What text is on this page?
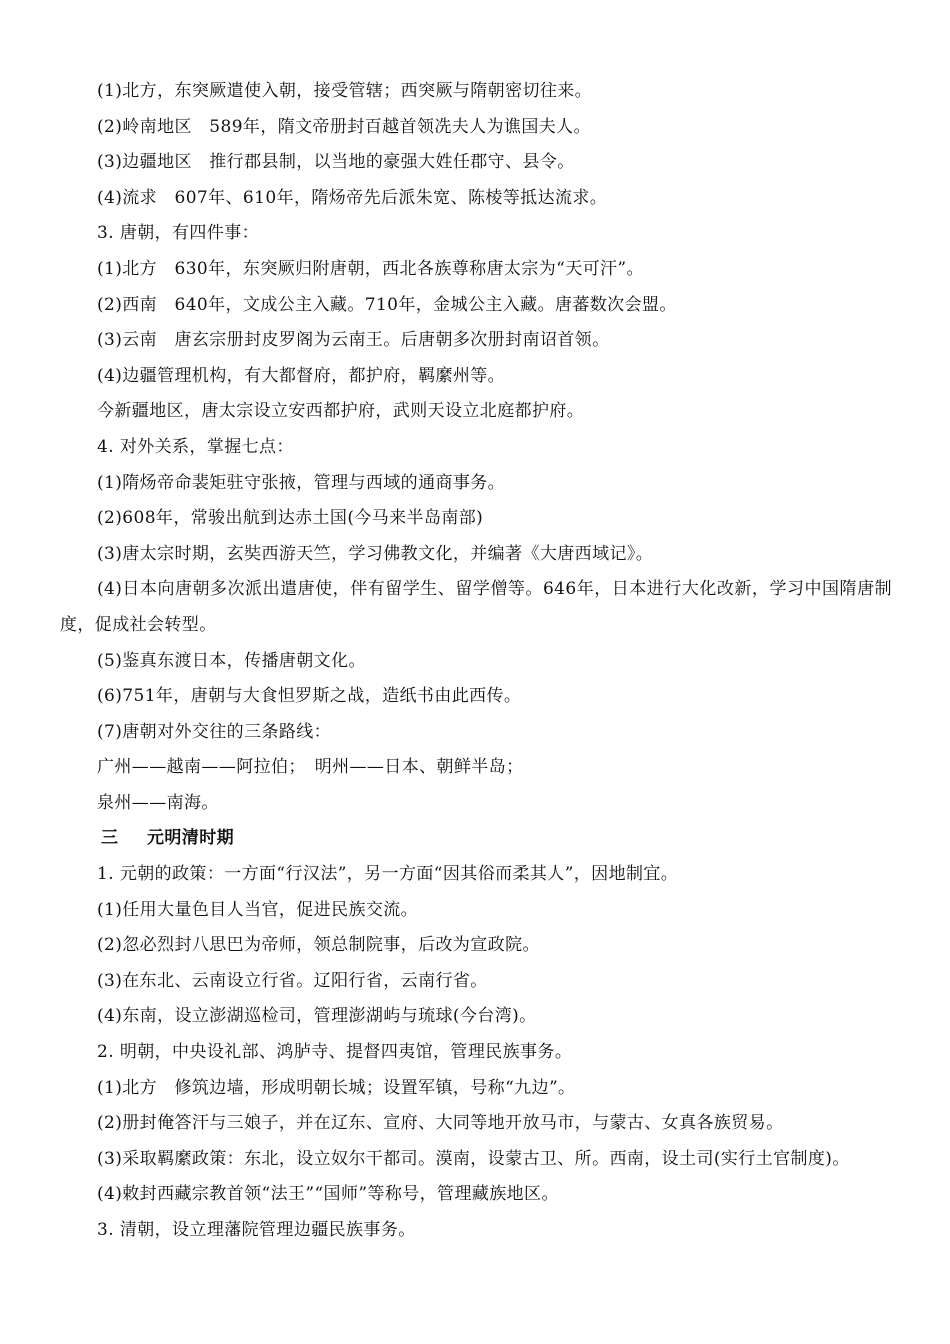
(1)北方，东突厥遣使入朝，接受管辖；西突厥与隋朝密切往来。
(2)岭南地区　589年，隋文帝册封百越首领冼夫人为谯国夫人。
(3)边疆地区　推行郡县制，以当地的豪强大姓任郡守、县令。
(4)流求　607年、610年，隋炀帝先后派朱宽、陈棱等抵达流求。
3. 唐朝，有四件事：
(1)北方　630年，东突厥归附唐朝，西北各族尊称唐太宗为“天可汗”。
(2)西南　640年，文成公主入藏。710年，金城公主入藏。唐蕃数次会盟。
(3)云南　唐玄宗册封皮罗阁为云南王。后唐朝多次册封南诏首领。
(4)边疆管理机构，有大都督府，都护府，羁縻州等。
今新疆地区，唐太宗设立安西都护府，武则天设立北庭都护府。
4. 对外关系，掌握七点：
(1)隋炀帝命裴矩驻守张掖，管理与西域的通商事务。
(2)608年，常骏出航到达赤土国(今马来半岛南部)
(3)唐太宗时期，玄奘西游天竺，学习佛教文化，并编著《大唐西域记》。
(4)日本向唐朝多次派出遣唐使，伴有留学生、留学僧等。646年，日本进行大化改新，学习中国隋唐制度，促成社会转型。
(5)鉴真东渡日本，传播唐朝文化。
(6)751年，唐朝与大食怛罗斯之战，造纸书由此西传。
(7)唐朝对外交往的三条路线：
广州——越南——阿拉伯；　明州——日本、朝鲜半岛；
泉州——南海。
三 元明清时期
1. 元朝的政策：一方面“行汉法”，另一方面“因其俗而柔其人”，因地制宜。
(1)任用大量色目人当官，促进民族交流。
(2)忽必烈封八思巴为帝师，领总制院事，后改为宣政院。
(3)在东北、云南设立行省。辽阳行省，云南行省。
(4)东南，设立澎湖巡检司，管理澎湖屿与琉球(今台湾)。
2. 明朝，中央设礼部、鸿胪寺、提督四夷馆，管理民族事务。
(1)北方　修筑边墙，形成明朝长城；设置军镇，号称“九边”。
(2)册封俺答汗与三娘子，并在辽东、宣府、大同等地开放马市，与蒙古、女真各族贸易。
(3)采取羁縻政策：东北，设立奴尔干都司。漠南，设蒙古卫、所。西南，设土司(实行土官制度)。
(4)敕封西藏宗教首领“法王”“国师”等称号，管理藏族地区。
3. 清朝，设立理藩院管理边疆民族事务。
